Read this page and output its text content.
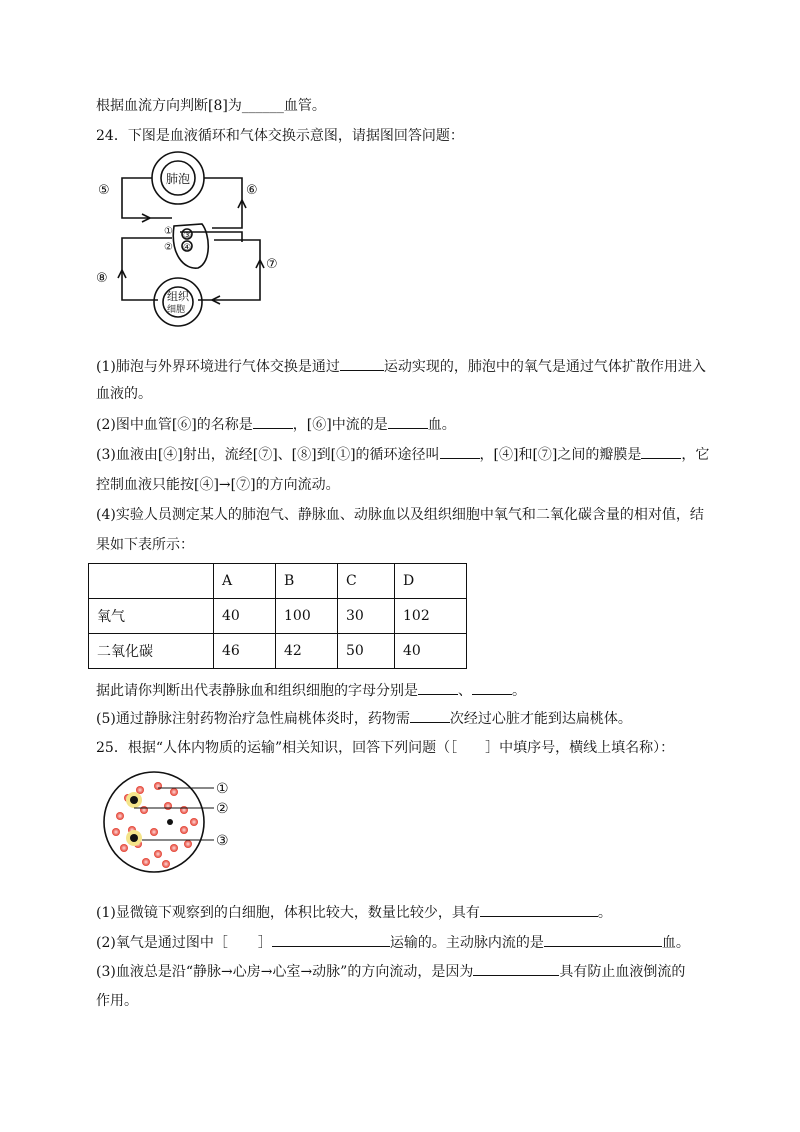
根据血流方向判断[8]为______血管。
24．下图是血液循环和气体交换示意图，请据图回答问题：
肺泡
组织
细胞
⑤	⑥
⑦
⑧
①
②
③
④
(1)肺泡与外界环境进行气体交换是通过	运动实现的，肺泡中的氧气是通过气体扩散作用进入
血液的。
(2)图中血管[⑥]的名称是	，[⑥]中流的是	血。
(3)血液由[④]射出，流经[⑦]、[⑧]到[①]的循环途径叫	，[④]和[⑦]之间的瓣膜是	，它
控制血液只能按[④]→[⑦]的方向流动。
(4)实验人员测定某人的肺泡气、静脉血、动脉血以及组织细胞中氧气和二氧化碳含量的相对值，结
果如下表所示：
	A	B	C	D
氧气	40	100	30	102
二氧化碳	46	42	50	40
据此请你判断出代表静脉血和组织细胞的字母分别是	、	。
(5)通过静脉注射药物治疗急性扁桃体炎时，药物需	次经过心脏才能到达扁桃体。
25．根据“人体内物质的运输”相关知识，回答下列问题（［　　］中填序号，横线上填名称）：
①
②
③
(1)显微镜下观察到的白细胞，体积比较大，数量比较少，具有	。
(2)氧气是通过图中［ ］	运输的。主动脉内流的是	血。
(3)血液总是沿“静脉→心房→心室→动脉”的方向流动，是因为	具有防止血液倒流的
作用。
